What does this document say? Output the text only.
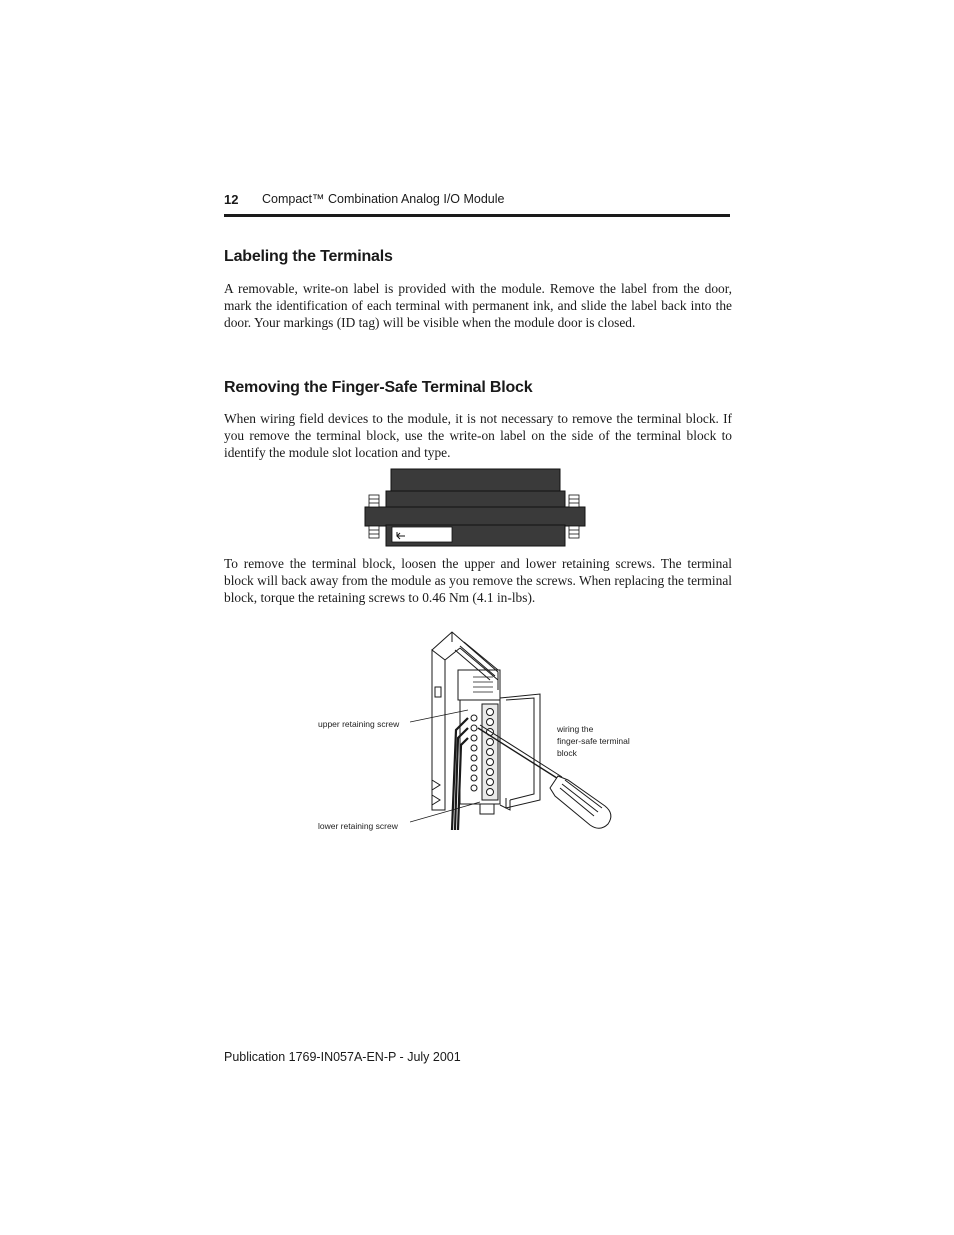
12 Compact™ Combination Analog I/O Module
Labeling the Terminals

A removable, write-on label is provided with the module. Remove the label from the door, mark the identification of each terminal with permanent ink, and slide the label back into the door. Your markings (ID tag) will be visible when the module door is closed.

Removing the Finger-Safe Terminal Block

When wiring field devices to the module, it is not necessary to remove the terminal block. If you remove the terminal block, use the write-on label on the side of the terminal block to identify the module slot location and type.

To remove the terminal block, loosen the upper and lower retaining screws. The terminal block will back away from the module as you remove the screws. When replacing the terminal block, torque the retaining screws to 0.46 Nm (4.1 in-lbs).

upper retaining screw
lower retaining screw
wiring the
finger-safe terminal
block
Publication 1769-IN057A-EN-P - July 2001
